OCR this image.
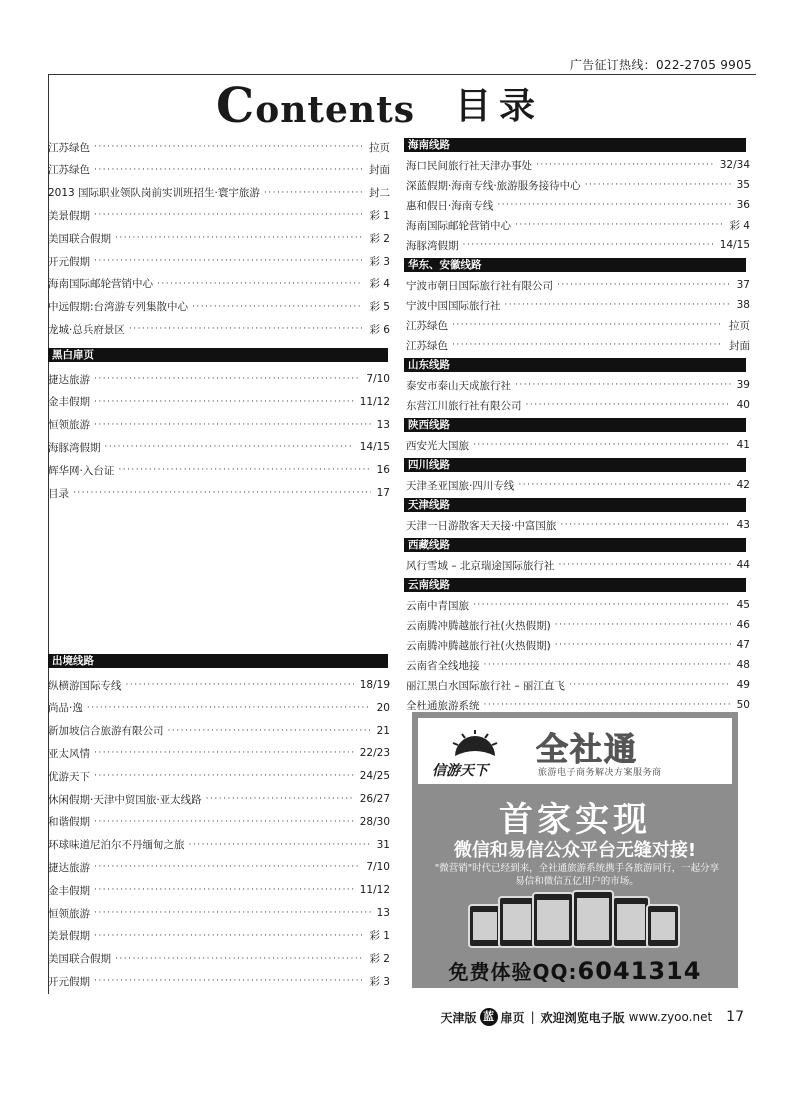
广告征订热线：022-2705 9905
Contents 目录
江苏绿色 ·····	拉页
江苏绿色 ·····	封面
2013 国际职业领队岗前实训班招生·寰宇旅游 ·····	封二
美景假期 ·····	彩 1
美国联合假期 ·····	彩 2
开元假期 ·····	彩 3
海南国际邮轮营销中心 ·····	彩 4
中远假期:台湾游专列集散中心 ·····	彩 5
龙城·总兵府景区 ·····	彩 6
黑白扉页
捷达旅游 ·····	7/10
金丰假期 ·····	11/12
恒领旅游 ·····	13
海豚湾假期 ·····	14/15
辉华网·入台证 ·····	16
目录 ·····	17
出境线路
纵横游国际专线 ·····	18/19
尚品·逸 ·····	20
新加坡信合旅游有限公司 ·····	21
亚太风情 ·····	22/23
优游天下 ·····	24/25
休闲假期·天津中贸国旅·亚太线路 ·····	26/27
和谐假期 ·····	28/30
环球味道尼泊尔不丹缅甸之旅 ·····	31
捷达旅游 ·····	7/10
金丰假期 ·····	11/12
恒领旅游 ·····	13
美景假期 ·····	彩 1
美国联合假期 ·····	彩 2
开元假期 ·····	彩 3
海南线路
海口民间旅行社天津办事处 ·····	32/34
深蓝假期·海南专线·旅游服务接待中心 ·····	35
惠和假日·海南专线 ·····	36
海南国际邮轮营销中心 ·····	彩 4
海豚湾假期 ·····	14/15
华东、安徽线路
宁波市朝日国际旅行社有限公司 ·····	37
宁波中国国际旅行社 ·····	38
江苏绿色 ·····	拉页
江苏绿色 ·····	封面
山东线路
泰安市泰山天成旅行社 ·····	39
东营江川旅行社有限公司 ·····	40
陕西线路
西安光大国旅 ·····	41
四川线路
天津圣亚国旅·四川专线 ·····	42
天津线路
天津一日游散客天天接·中富国旅 ·····	43
西藏线路
风行雪域 – 北京瑞途国际旅行社 ·····	44
云南线路
云南中青国旅 ·····	45
云南腾冲腾越旅行社(火热假期) ·····	46
云南腾冲腾越旅行社(火热假期) ·····	47
云南省全线地接 ·····	48
丽江黑白水国际旅行社 – 丽江直飞 ·····	49
全杜通旅游系统 ·····	50
信游天下
全社通
旅游电子商务解决方案服务商
首家实现
微信和易信公众平台无缝对接!
"微营销"时代已经到来，全社通旅游系统携手各旅游同行，一起分享易信和微信五亿用户的市场。
免费体验QQ:6041314
天津版 蓝 扉页 | 欢迎浏览电子版 www.zyoo.net 17
